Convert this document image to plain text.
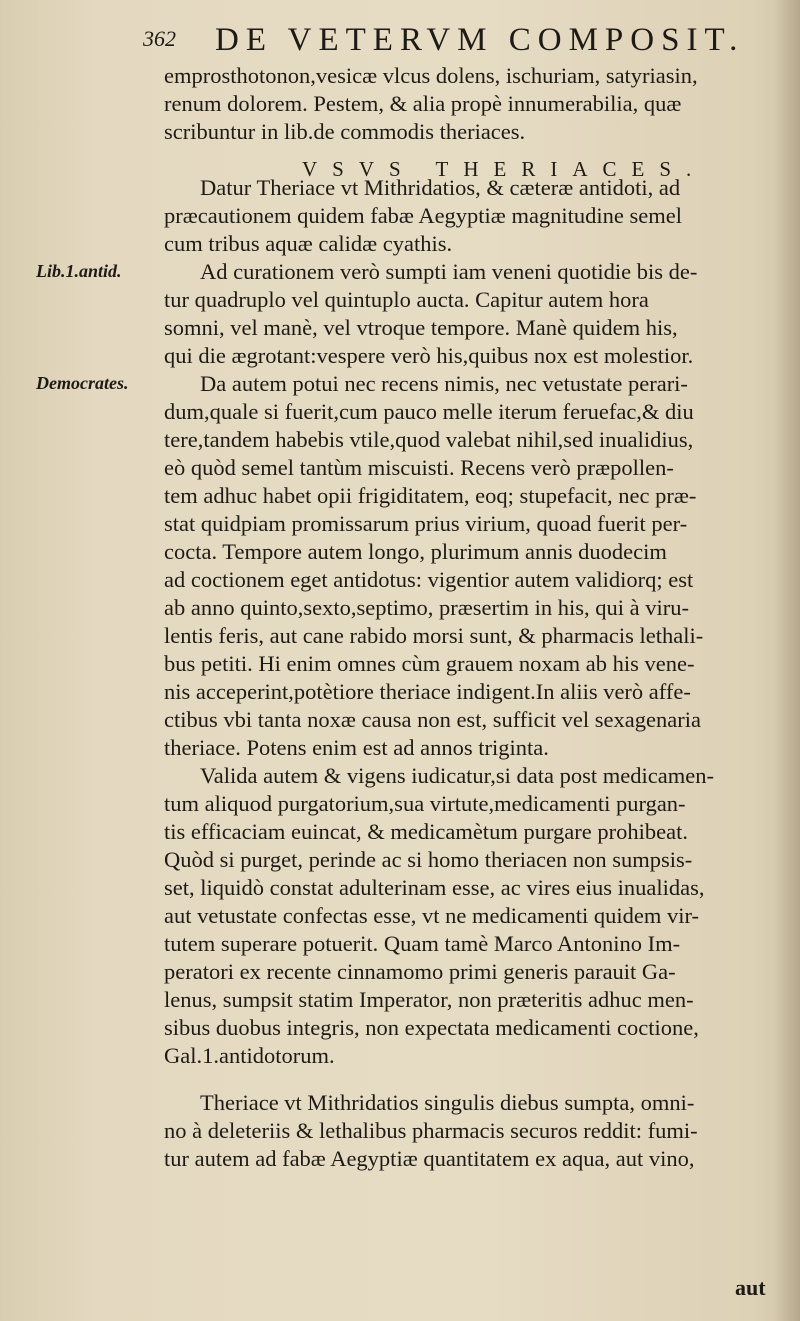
362 DE VETERVM COMPOSIT.
emprosthotonon,vesicæ vlcus dolens, ischuriam, satyriasin,
renum dolorem. Pestem, & alia propè innumerabilia, quæ
scribuntur in lib.de commodis theriaces.
VSVS THERIACES.
Datur Theriace vt Mithridatios, & cæteræ antidoti, ad
præcautionem quidem fabæ Aegyptiæ magnitudine semel
cum tribus aquæ calidæ cyathis.
Lib.1.antid.	Ad curationem verò sumpti iam veneni quotidie bis de-
tur quadruplo vel quintuplo aucta. Capitur autem hora
somni, vel manè, vel vtroque tempore. Manè quidem his,
qui die ægrotant:vespere verò his,quibus nox est molestior.
Democrates.	Da autem potui nec recens nimis, nec vetustate perari-
dum,quale si fuerit,cum pauco melle iterum feruefac,& diu
tere,tandem habebis vtile,quod valebat nihil,sed inualidius,
eò quòd semel tantùm miscuisti. Recens verò præpollen-
tem adhuc habet opii frigiditatem, eoq; stupefacit, nec præ-
stat quidpiam promissarum prius virium, quoad fuerit per-
cocta. Tempore autem longo, plurimum annis duodecim
ad coctionem eget antidotus: vigentior autem validiorq; est
ab anno quinto,sexto,septimo, præsertim in his, qui à viru-
lentis feris, aut cane rabido morsi sunt, & pharmacis lethali-
bus petiti. Hi enim omnes cùm grauem noxam ab his vene-
nis acceperint,potètiore theriace indigent.In aliis verò affe-
ctibus vbi tanta noxæ causa non est, sufficit vel sexagenaria
theriace. Potens enim est ad annos triginta.
Valida autem & vigens iudicatur,si data post medicamen-
tum aliquod purgatorium,sua virtute,medicamenti purgan-
tis efficaciam euincat, & medicamètum purgare prohibeat.
Quòd si purget, perinde ac si homo theriacen non sumpsis-
set, liquidò constat adulterinam esse, ac vires eius inualidas,
aut vetustate confectas esse, vt ne medicamenti quidem vir-
tutem superare potuerit. Quam tamè Marco Antonino Im-
peratori ex recente cinnamomo primi generis parauit Ga-
lenus, sumpsit statim Imperator, non præteritis adhuc men-
sibus duobus integris, non expectata medicamenti coctione,
Gal.1.antidotorum.
Theriace vt Mithridatios singulis diebus sumpta, omni-
no à deleteriis & lethalibus pharmacis securos reddit: fumi-
tur autem ad fabæ Aegyptiæ quantitatem ex aqua, aut vino,
aut
